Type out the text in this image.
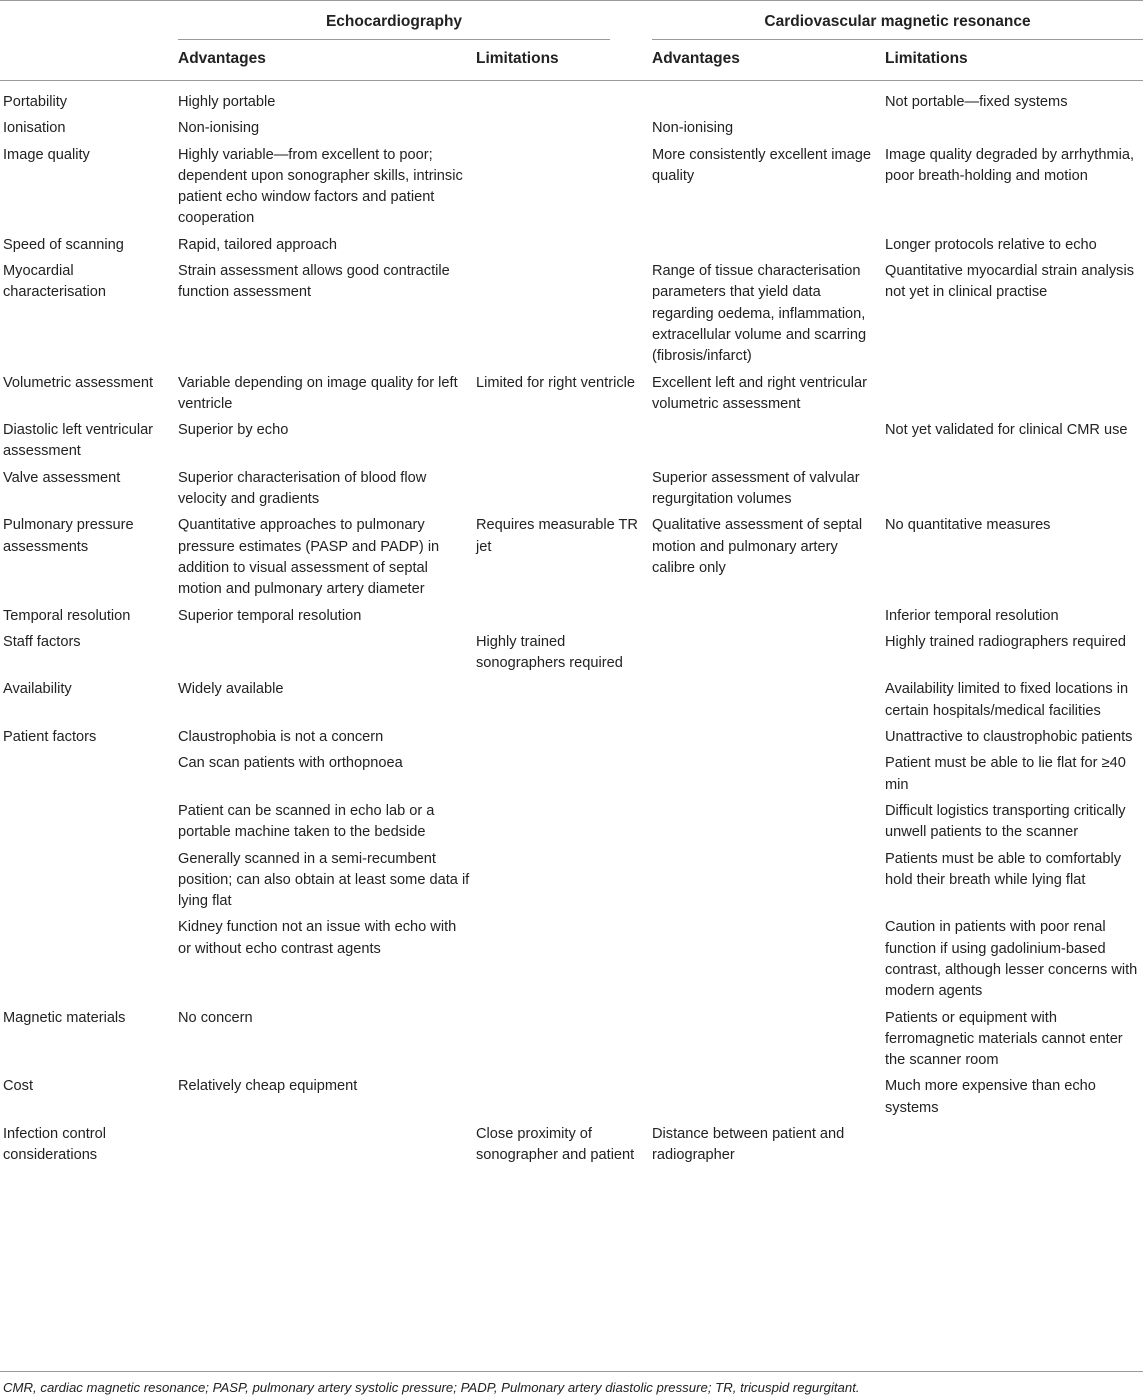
Echocardiography	Cardiovascular magnetic resonance
Advantages	Limitations	Advantages	Limitations
Portability	Highly portable			Not portable—fixed systems
Ionisation	Non-ionising		Non-ionising	
Image quality	Highly variable—from excellent to poor; dependent upon sonographer skills, intrinsic patient echo window factors and patient cooperation		More consistently excellent image quality	Image quality degraded by arrhythmia, poor breath-holding and motion
Speed of scanning	Rapid, tailored approach			Longer protocols relative to echo
Myocardial characterisation	Strain assessment allows good contractile function assessment		Range of tissue characterisation parameters that yield data regarding oedema, inflammation, extracellular volume and scarring (fibrosis/infarct)	Quantitative myocardial strain analysis not yet in clinical practise
Volumetric assessment	Variable depending on image quality for left ventricle	Limited for right ventricle	Excellent left and right ventricular volumetric assessment	
Diastolic left ventricular assessment	Superior by echo			Not yet validated for clinical CMR use
Valve assessment	Superior characterisation of blood flow velocity and gradients		Superior assessment of valvular regurgitation volumes	
Pulmonary pressure assessments	Quantitative approaches to pulmonary pressure estimates (PASP and PADP) in addition to visual assessment of septal motion and pulmonary artery diameter	Requires measurable TR jet	Qualitative assessment of septal motion and pulmonary artery calibre only	No quantitative measures
Temporal resolution	Superior temporal resolution			Inferior temporal resolution
Staff factors		Highly trained sonographers required		Highly trained radiographers required
Availability	Widely available			Availability limited to fixed locations in certain hospitals/medical facilities
Patient factors	Claustrophobia is not a concern			Unattractive to claustrophobic patients
	Can scan patients with orthopnoea			Patient must be able to lie flat for ≥40 min
	Patient can be scanned in echo lab or a portable machine taken to the bedside			Difficult logistics transporting critically unwell patients to the scanner
	Generally scanned in a semi-recumbent position; can also obtain at least some data if lying flat			Patients must be able to comfortably hold their breath while lying flat
	Kidney function not an issue with echo with or without echo contrast agents			Caution in patients with poor renal function if using gadolinium-based contrast, although lesser concerns with modern agents
Magnetic materials	No concern			Patients or equipment with ferromagnetic materials cannot enter the scanner room
Cost	Relatively cheap equipment			Much more expensive than echo systems
Infection control considerations		Close proximity of sonographer and patient	Distance between patient and radiographer	
CMR, cardiac magnetic resonance; PASP, pulmonary artery systolic pressure; PADP, Pulmonary artery diastolic pressure; TR, tricuspid regurgitant.
